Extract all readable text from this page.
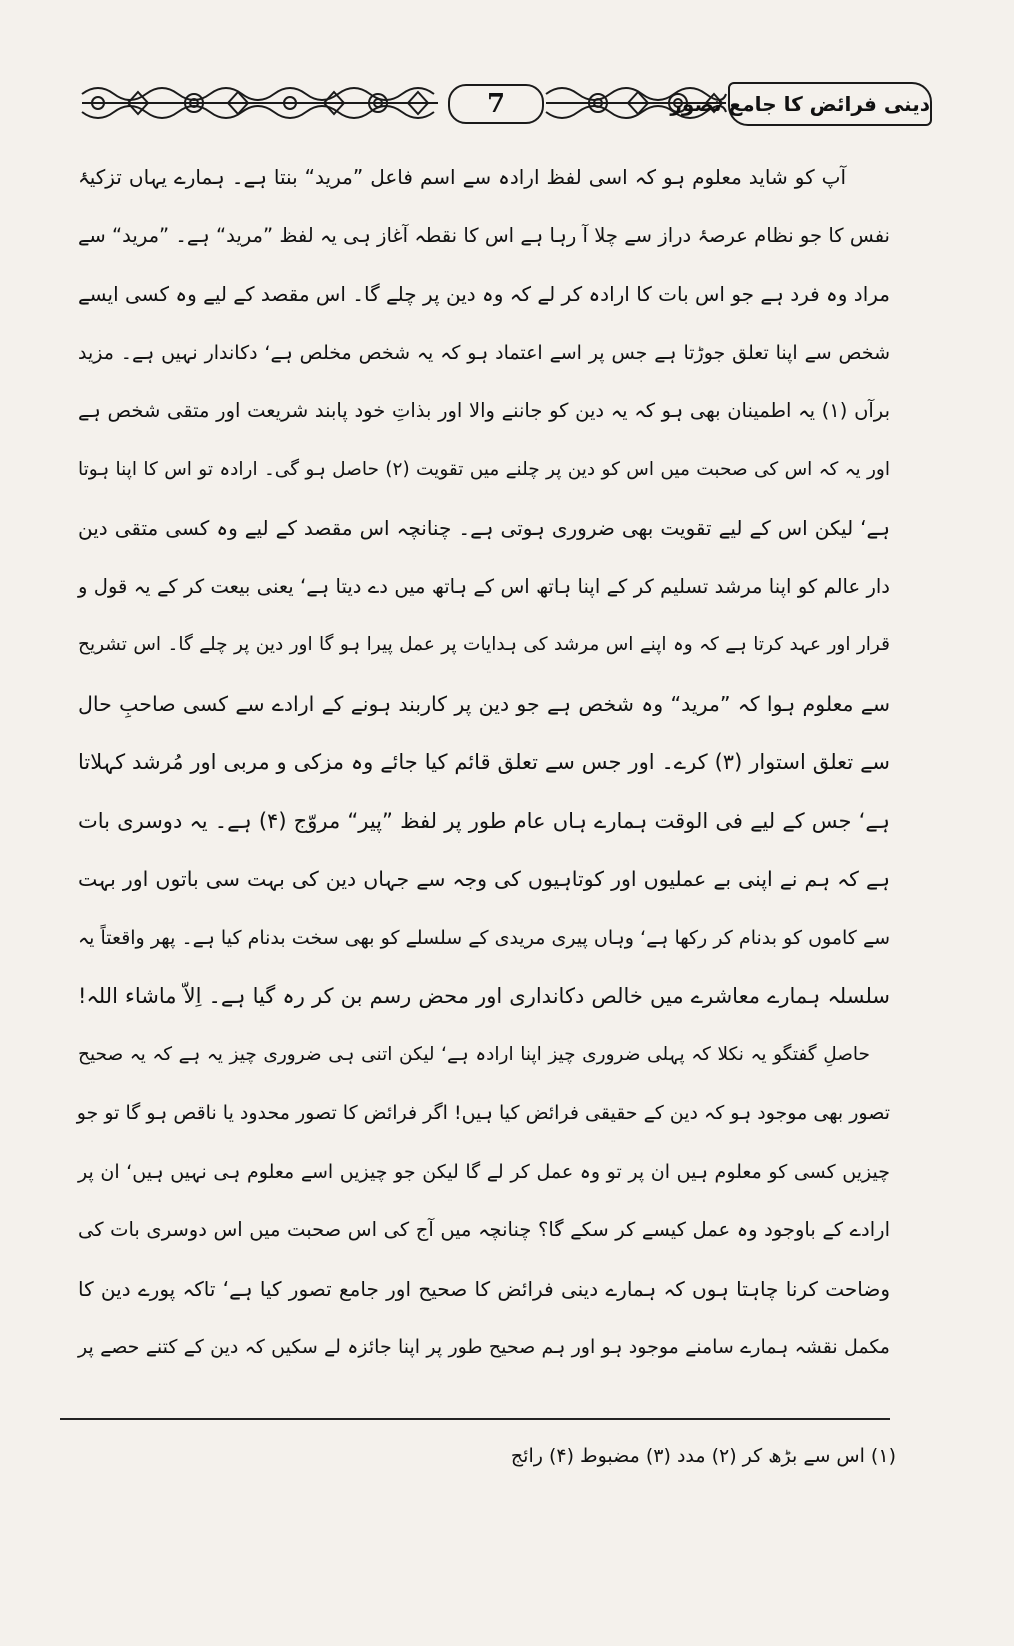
7	دینی فرائض کا جامع تصور
آپ کو شاید معلوم ہو کہ اسی لفظ ارادہ سے اسم فاعل ”مرید“ بنتا ہے۔ ہمارے یہاں تزکیۂ
نفس کا جو نظام عرصۂ دراز سے چلا آ رہا ہے اس کا نقطہ آغاز ہی یہ لفظ ”مرید“ ہے۔ ”مرید“ سے
مراد وہ فرد ہے جو اس بات کا ارادہ کر لے کہ وہ دین پر چلے گا۔ اس مقصد کے لیے وہ کسی ایسے
شخص سے اپنا تعلق جوڑتا ہے جس پر اسے اعتماد ہو کہ یہ شخص مخلص ہے‘ دکاندار نہیں ہے۔ مزید
برآں (۱) یہ اطمینان بھی ہو کہ یہ دین کو جاننے والا اور بذاتِ خود پابند شریعت اور متقی شخص ہے
اور یہ کہ اس کی صحبت میں اس کو دین پر چلنے میں تقویت (۲) حاصل ہو گی۔ ارادہ تو اس کا اپنا ہوتا
ہے‘ لیکن اس کے لیے تقویت بھی ضروری ہوتی ہے۔ چنانچہ اس مقصد کے لیے وہ کسی متقی دین
دار عالم کو اپنا مرشد تسلیم کر کے اپنا ہاتھ اس کے ہاتھ میں دے دیتا ہے‘ یعنی بیعت کر کے یہ قول و
قرار اور عہد کرتا ہے کہ وہ اپنے اس مرشد کی ہدایات پر عمل پیرا ہو گا اور دین پر چلے گا۔ اس تشریح
سے معلوم ہوا کہ ”مرید“ وہ شخص ہے جو دین پر کاربند ہونے کے ارادے سے کسی صاحبِ حال
سے تعلق استوار (۳) کرے۔ اور جس سے تعلق قائم کیا جائے وہ مزکی و مربی اور مُرشد کہلاتا
ہے‘ جس کے لیے فی الوقت ہمارے ہاں عام طور پر لفظ ”پیر“ مروّج (۴) ہے۔ یہ دوسری بات
ہے کہ ہم نے اپنی بے عملیوں اور کوتاہیوں کی وجہ سے جہاں دین کی بہت سی باتوں اور بہت
سے کاموں کو بدنام کر رکھا ہے‘ وہاں پیری مریدی کے سلسلے کو بھی سخت بدنام کیا ہے۔ پھر واقعتاً یہ
سلسلہ ہمارے معاشرے میں خالص دکانداری اور محض رسم بن کر رہ گیا ہے۔ اِلاّ ماشاء اللہ!
حاصلِ گفتگو یہ نکلا کہ پہلی ضروری چیز اپنا ارادہ ہے‘ لیکن اتنی ہی ضروری چیز یہ ہے کہ یہ صحیح
تصور بھی موجود ہو کہ دین کے حقیقی فرائض کیا ہیں! اگر فرائض کا تصور محدود یا ناقص ہو گا تو جو
چیزیں کسی کو معلوم ہیں ان پر تو وہ عمل کر لے گا لیکن جو چیزیں اسے معلوم ہی نہیں ہیں‘ ان پر
ارادے کے باوجود وہ عمل کیسے کر سکے گا؟ چنانچہ میں آج کی اس صحبت میں اس دوسری بات کی
وضاحت کرنا چاہتا ہوں کہ ہمارے دینی فرائض کا صحیح اور جامع تصور کیا ہے‘ تاکہ پورے دین کا
مکمل نقشہ ہمارے سامنے موجود ہو اور ہم صحیح طور پر اپنا جائزہ لے سکیں کہ دین کے کتنے حصے پر
(۱) اس سے بڑھ کر (۲) مدد (۳) مضبوط (۴) رائج
